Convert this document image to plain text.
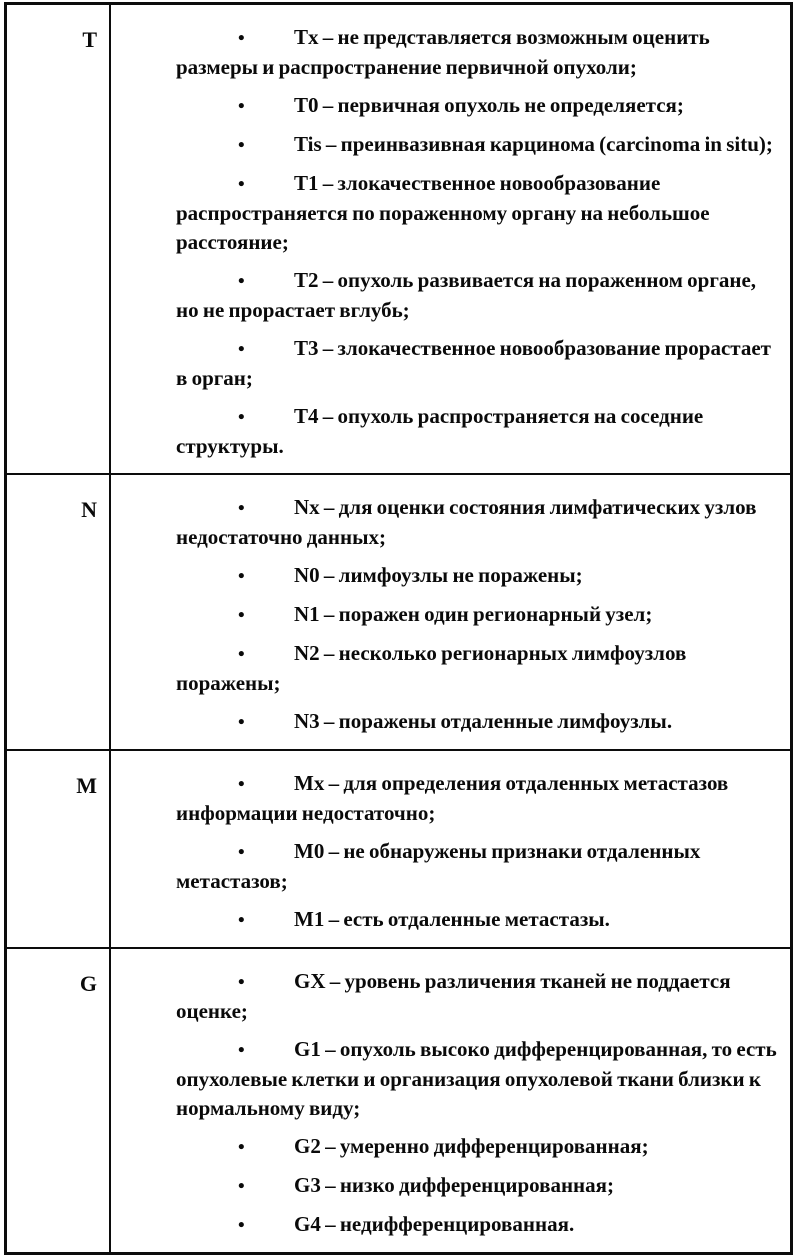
T	• Tx – не представляется возможным оценить размеры и распространение первичной опухоли;

• T0 – первичная опухоль не определяется;

• Tis – преинвазивная карцинома (carcinoma in situ);

• T1 – злокачественное новообразование распространяется по пораженному органу на небольшое расстояние;

• T2 – опухоль развивается на пораженном органе, но не прорастает вглубь;

• T3 – злокачественное новообразование прорастает в орган;

• T4 – опухоль распространяется на соседние структуры.

N	• Nx – для оценки состояния лимфатических узлов недостаточно данных;

• N0 – лимфоузлы не поражены;

• N1 – поражен один регионарный узел;

• N2 – несколько регионарных лимфоузлов поражены;

• N3 – поражены отдаленные лимфоузлы.

M	• Mx – для определения отдаленных метастазов информации недостаточно;

• M0 – не обнаружены признаки отдаленных метастазов;

• M1 – есть отдаленные метастазы.

G	• GX – уровень различения тканей не поддается оценке;

• G1 – опухоль высоко дифференцированная, то есть опухолевые клетки и организация опухолевой ткани близки к нормальному виду;

• G2 – умеренно дифференцированная;

• G3 – низко дифференцированная;

• G4 – недифференцированная.
